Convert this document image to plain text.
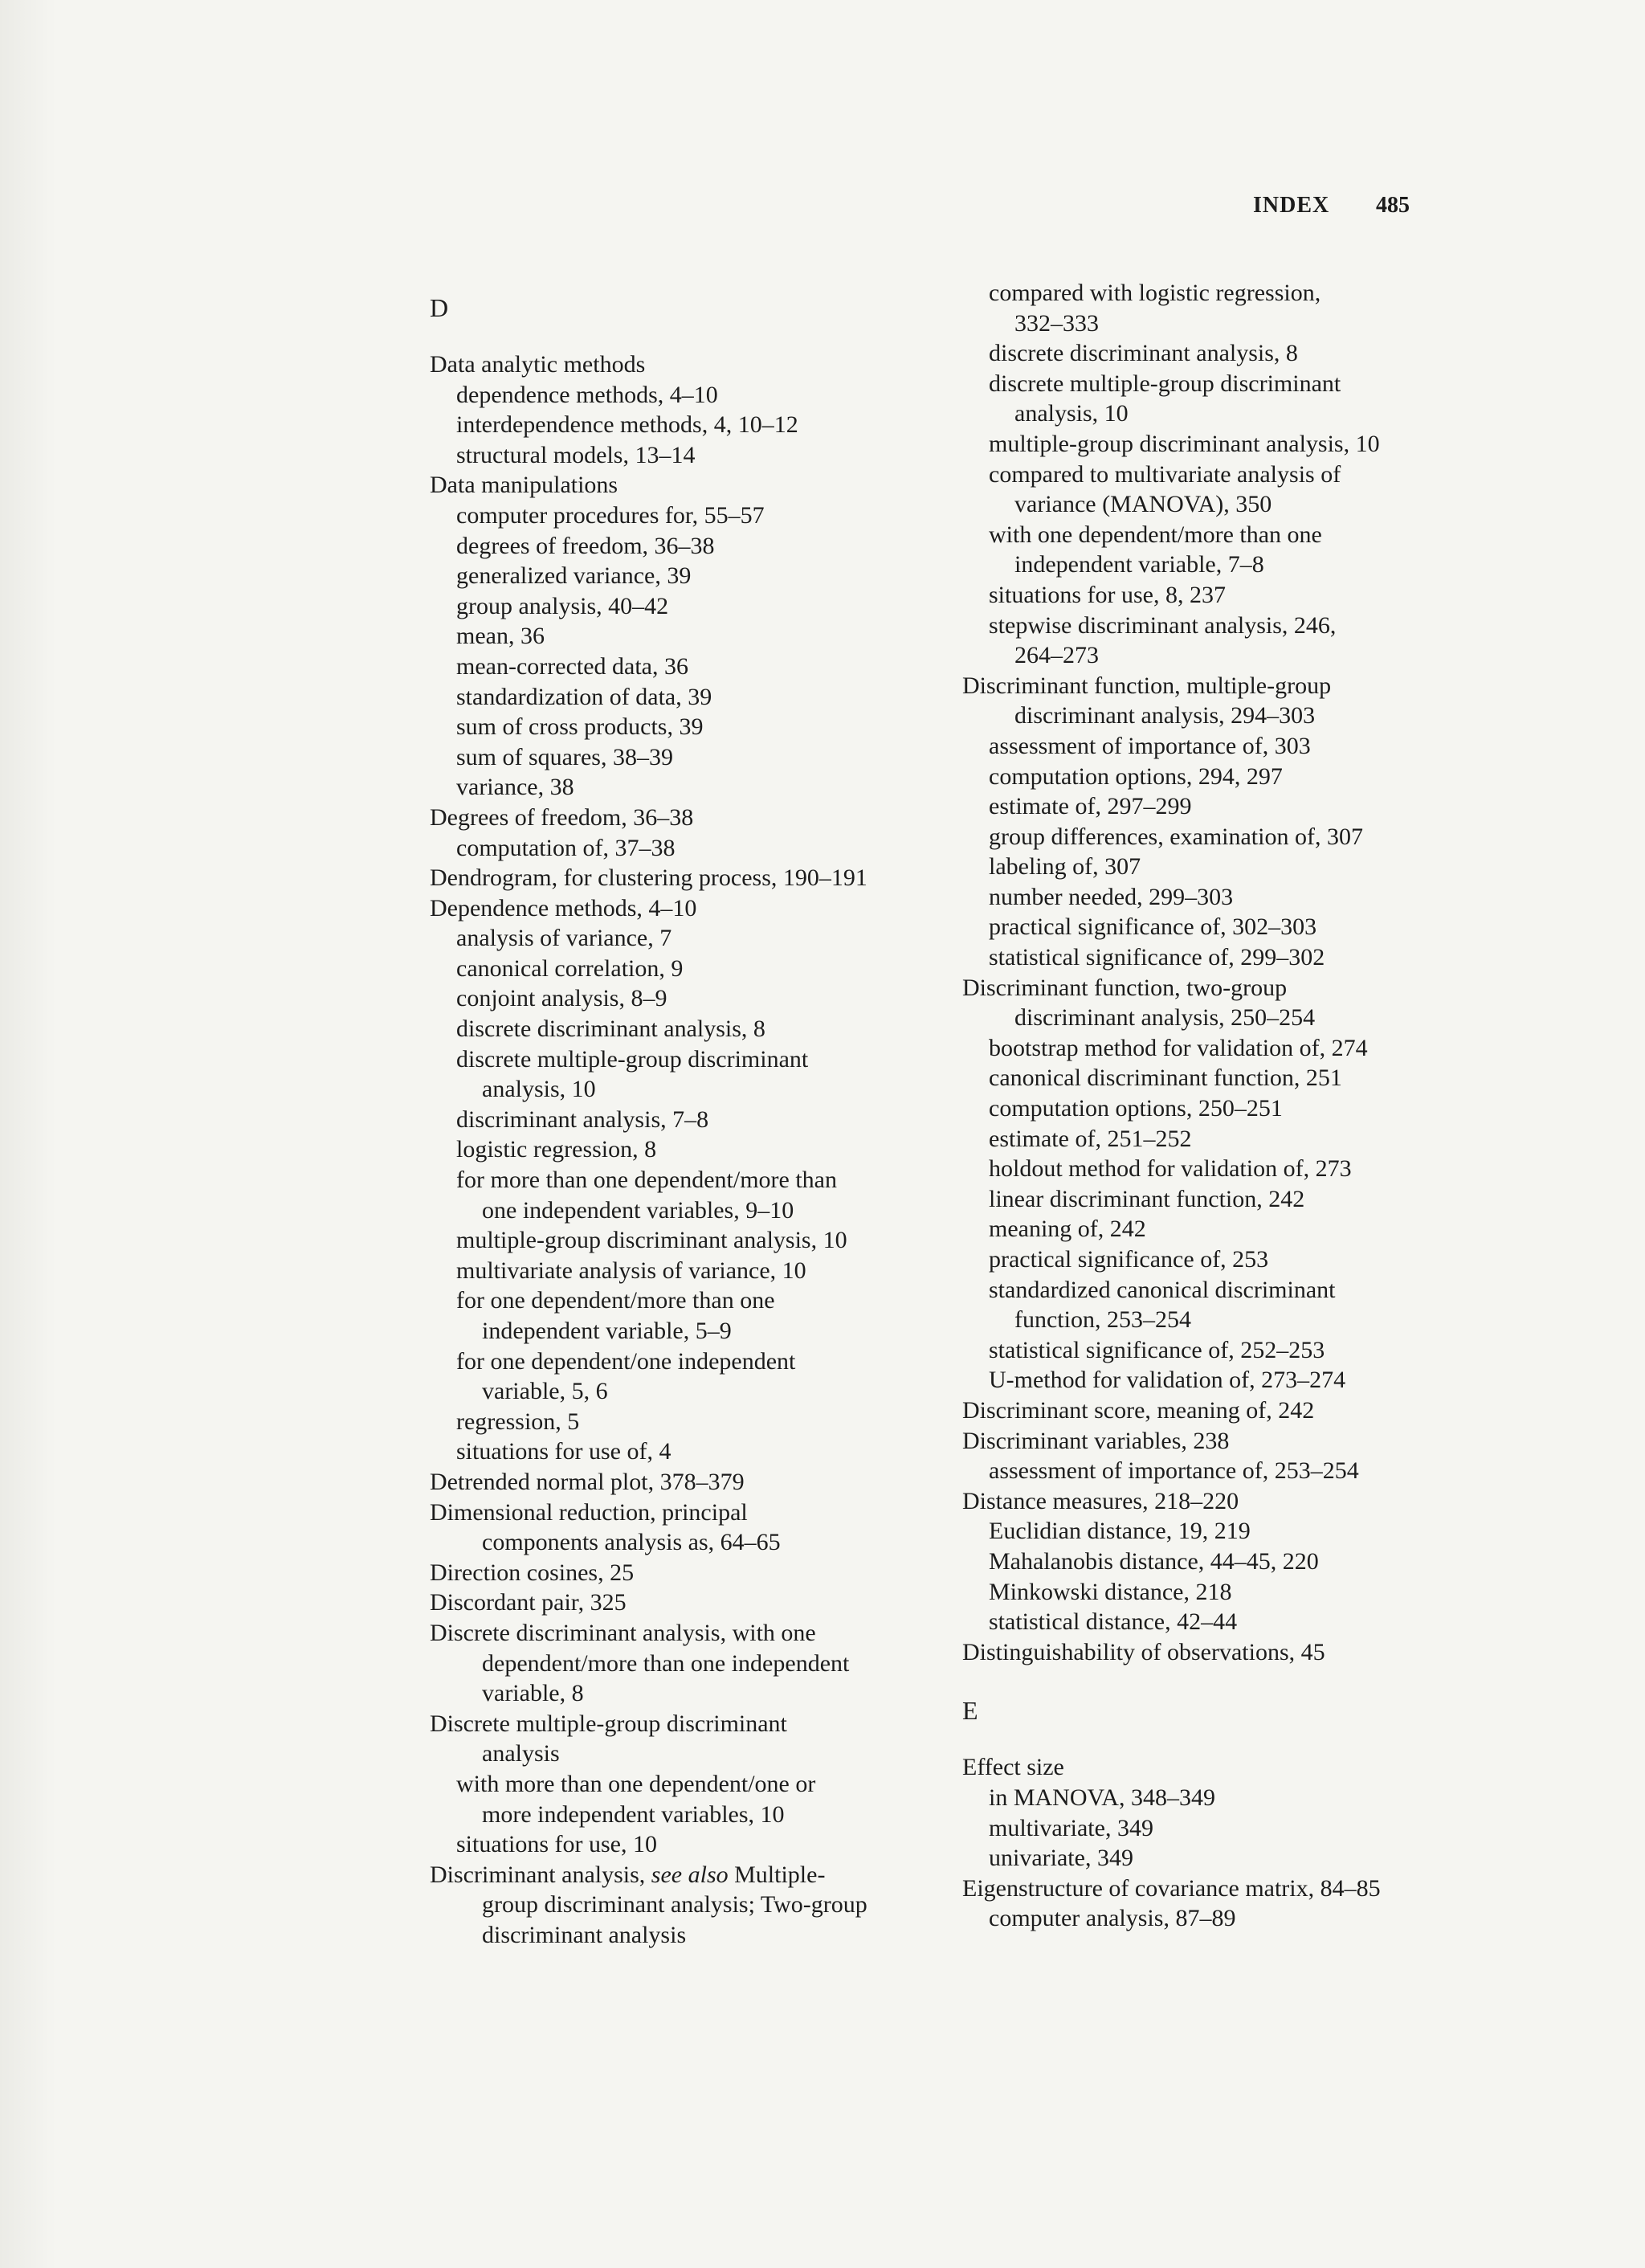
INDEX 485
D
Data analytic methods
dependence methods, 4–10
interdependence methods, 4, 10–12
structural models, 13–14
Data manipulations
computer procedures for, 55–57
degrees of freedom, 36–38
generalized variance, 39
group analysis, 40–42
mean, 36
mean-corrected data, 36
standardization of data, 39
sum of cross products, 39
sum of squares, 38–39
variance, 38
Degrees of freedom, 36–38
computation of, 37–38
Dendrogram, for clustering process, 190–191
Dependence methods, 4–10
analysis of variance, 7
canonical correlation, 9
conjoint analysis, 8–9
discrete discriminant analysis, 8
discrete multiple-group discriminant
analysis, 10
discriminant analysis, 7–8
logistic regression, 8
for more than one dependent/more than
one independent variables, 9–10
multiple-group discriminant analysis, 10
multivariate analysis of variance, 10
for one dependent/more than one
independent variable, 5–9
for one dependent/one independent
variable, 5, 6
regression, 5
situations for use of, 4
Detrended normal plot, 378–379
Dimensional reduction, principal
components analysis as, 64–65
Direction cosines, 25
Discordant pair, 325
Discrete discriminant analysis, with one
dependent/more than one independent
variable, 8
Discrete multiple-group discriminant
analysis
with more than one dependent/one or
more independent variables, 10
situations for use, 10
Discriminant analysis, see also Multiple-
group discriminant analysis; Two-group
discriminant analysis
compared with logistic regression,
332–333
discrete discriminant analysis, 8
discrete multiple-group discriminant
analysis, 10
multiple-group discriminant analysis, 10
compared to multivariate analysis of
variance (MANOVA), 350
with one dependent/more than one
independent variable, 7–8
situations for use, 8, 237
stepwise discriminant analysis, 246,
264–273
Discriminant function, multiple-group
discriminant analysis, 294–303
assessment of importance of, 303
computation options, 294, 297
estimate of, 297–299
group differences, examination of, 307
labeling of, 307
number needed, 299–303
practical significance of, 302–303
statistical significance of, 299–302
Discriminant function, two-group
discriminant analysis, 250–254
bootstrap method for validation of, 274
canonical discriminant function, 251
computation options, 250–251
estimate of, 251–252
holdout method for validation of, 273
linear discriminant function, 242
meaning of, 242
practical significance of, 253
standardized canonical discriminant
function, 253–254
statistical significance of, 252–253
U-method for validation of, 273–274
Discriminant score, meaning of, 242
Discriminant variables, 238
assessment of importance of, 253–254
Distance measures, 218–220
Euclidian distance, 19, 219
Mahalanobis distance, 44–45, 220
Minkowski distance, 218
statistical distance, 42–44
Distinguishability of observations, 45
E
Effect size
in MANOVA, 348–349
multivariate, 349
univariate, 349
Eigenstructure of covariance matrix, 84–85
computer analysis, 87–89
